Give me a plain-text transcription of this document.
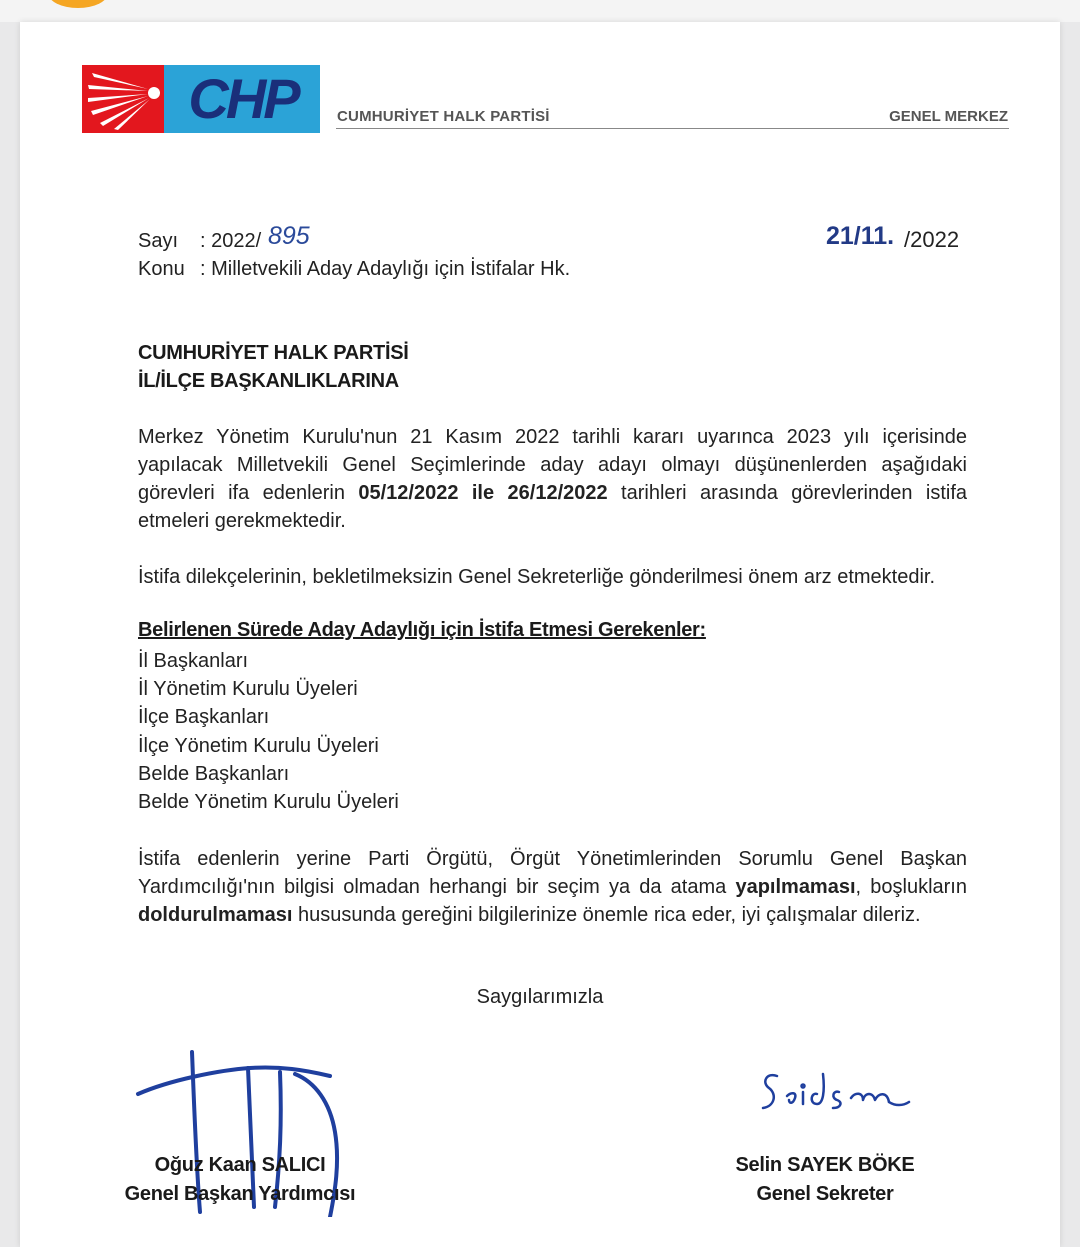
CHP	CUMHURİYET HALK PARTİSİ	GENEL MERKEZ
Sayı : 2022/ 895	21/11. /2022
Konu : Milletvekili Aday Adaylığı için İstifalar Hk.
CUMHURİYET HALK PARTİSİ
İL/İLÇE BAŞKANLIKLARINA
Merkez Yönetim Kurulu'nun 21 Kasım 2022 tarihli kararı uyarınca 2023 yılı içerisinde yapılacak Milletvekili Genel Seçimlerinde aday adayı olmayı düşünenlerden aşağıdaki görevleri ifa edenlerin 05/12/2022 ile 26/12/2022 tarihleri arasında görevlerinden istifa etmeleri gerekmektedir.
İstifa dilekçelerinin, bekletilmeksizin Genel Sekreterliğe gönderilmesi önem arz etmektedir.
Belirlenen Sürede Aday Adaylığı için İstifa Etmesi Gerekenler:
İl Başkanları
İl Yönetim Kurulu Üyeleri
İlçe Başkanları
İlçe Yönetim Kurulu Üyeleri
Belde Başkanları
Belde Yönetim Kurulu Üyeleri
İstifa edenlerin yerine Parti Örgütü, Örgüt Yönetimlerinden Sorumlu Genel Başkan Yardımcılığı'nın bilgisi olmadan herhangi bir seçim ya da atama yapılmaması, boşlukların doldurulmaması hususunda gereğini bilgilerinize önemle rica eder, iyi çalışmalar dileriz.
Saygılarımızla
Oğuz Kaan SALICI
Genel Başkan Yardımcısı
Selin SAYEK BÖKE
Genel Sekreter
